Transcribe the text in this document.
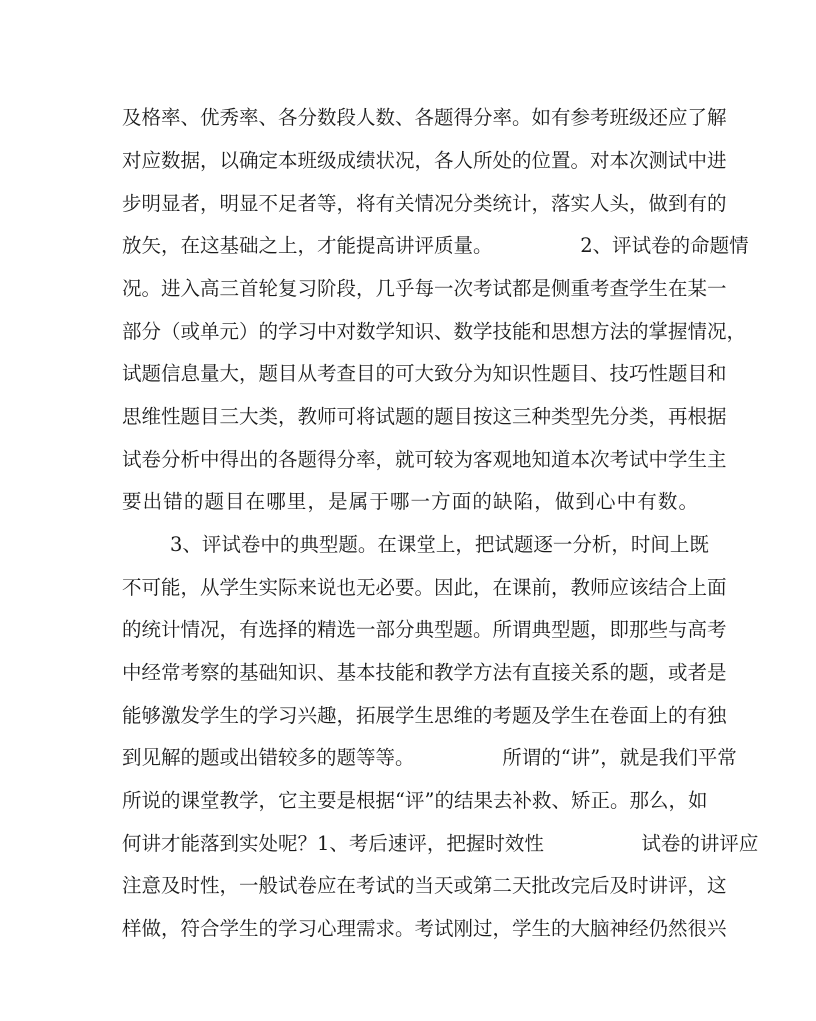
及格率、优秀率、各分数段人数、各题得分率。如有参考班级还应了解
对应数据，以确定本班级成绩状况，各人所处的位置。对本次测试中进
步明显者，明显不足者等，将有关情况分类统计，落实人头，做到有的
放矢，在这基础之上，才能提高讲评质量。　　　　　2、评试卷的命题情
况。进入高三首轮复习阶段，几乎每一次考试都是侧重考查学生在某一
部分（或单元）的学习中对数学知识、数学技能和思想方法的掌握情况，
试题信息量大，题目从考查目的可大致分为知识性题目、技巧性题目和
思维性题目三大类，教师可将试题的题目按这三种类型先分类，再根据
试卷分析中得出的各题得分率，就可较为客观地知道本次考试中学生主
要出错的题目在哪里，是属于哪一方面的缺陷，做到心中有数。
3、评试卷中的典型题。在课堂上，把试题逐一分析，时间上既
不可能，从学生实际来说也无必要。因此，在课前，教师应该结合上面
的统计情况，有选择的精选一部分典型题。所谓典型题，即那些与高考
中经常考察的基础知识、基本技能和教学方法有直接关系的题，或者是
能够激发学生的学习兴趣，拓展学生思维的考题及学生在卷面上的有独
到见解的题或出错较多的题等等。　　　　　所谓的“讲”，就是我们平常
所说的课堂教学，它主要是根据“评”的结果去补救、矫正。那么，如
何讲才能落到实处呢？1、考后速评，把握时效性　　　　　试卷的讲评应
注意及时性，一般试卷应在考试的当天或第二天批改完后及时讲评，这
样做，符合学生的学习心理需求。考试刚过，学生的大脑神经仍然很兴
